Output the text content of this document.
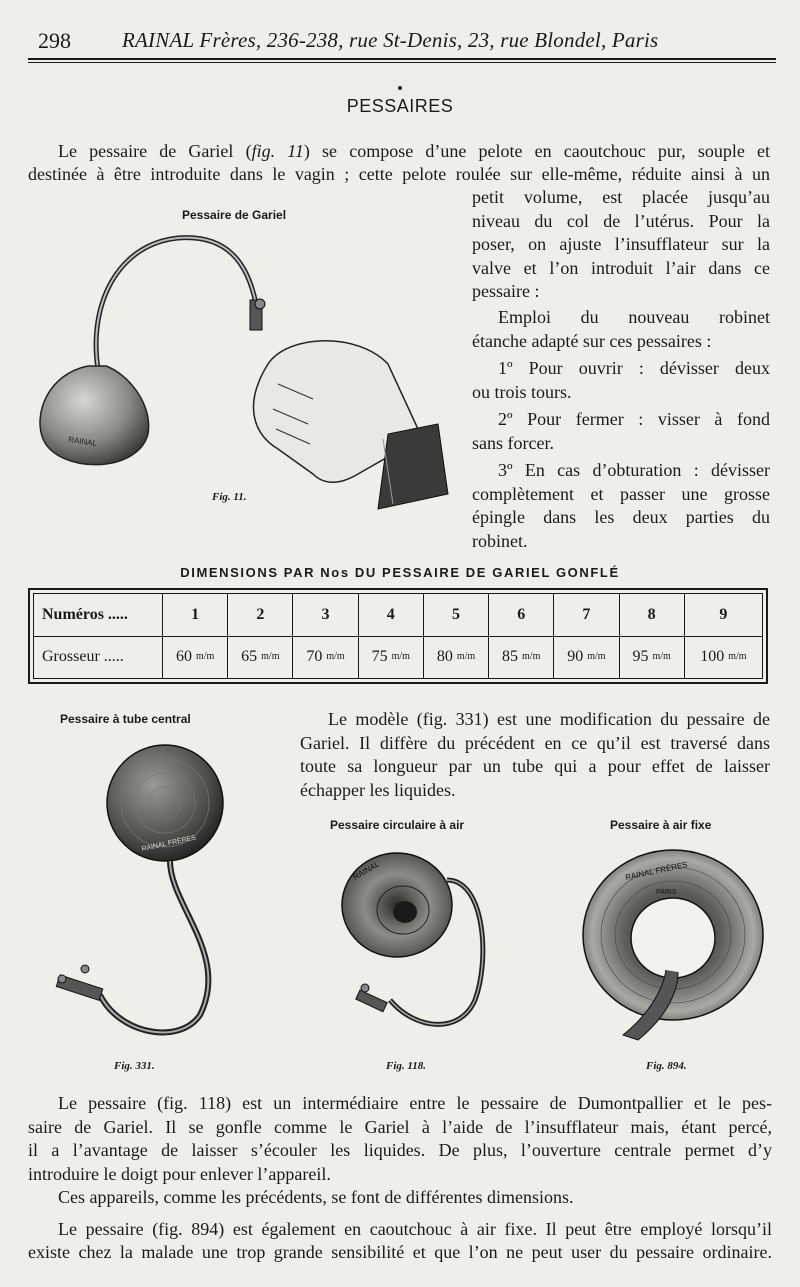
298 RAINAL Frères, 236-238, rue St-Denis, 23, rue Blondel, Paris
PESSAIRES
Le pessaire de Gariel (fig. 11) se compose d’une pelote en caoutchouc pur, souple et
destinée à être introduite dans le vagin ; cette pelote roulée sur elle-même, réduite ainsi à un
petit volume, est placée jusqu’au
niveau du col de l’utérus. Pour la
poser, on ajuste l’insufflateur sur la
valve et l’on introduit l’air dans ce
pessaire :
Emploi du nouveau robinet
étanche adapté sur ces pessaires :
1º Pour ouvrir : dévisser deux
ou trois tours.
2º Pour fermer : visser à fond
sans forcer.
3º En cas d’obturation : dévisser
complètement et passer une grosse
épingle dans les deux parties du
robinet.
Pessaire de Gariel
RAINAL
Fig. 11.
DIMENSIONS PAR Nos DU PESSAIRE DE GARIEL GONFLÉ
Numéros .....	1	2	3	4	5	6	7	8	9
Grosseur .....	60 m/m	65 m/m	70 m/m	75 m/m	80 m/m	85 m/m	90 m/m	95 m/m	100 m/m
Le modèle (fig. 331) est une modification du pessaire de
Gariel. Il diffère du précédent en ce qu’il est traversé dans
toute sa longueur par un tube qui a pour effet de laisser
échapper les liquides.
Pessaire à tube central
RAINAL FRÈRES
Fig. 331.
Pessaire circulaire à air
RAINAL
Fig. 118.
Pessaire à air fixe
RAINAL FRÈRES
PARIS
Fig. 894.
Le pessaire (fig. 118) est un intermédiaire entre le pessaire de Dumontpallier et le pes-
saire de Gariel. Il se gonfle comme le Gariel à l’aide de l’insufflateur mais, étant percé,
il a l’avantage de laisser s’écouler les liquides. De plus, l’ouverture centrale permet d’y
introduire le doigt pour enlever l’appareil.
Ces appareils, comme les précédents, se font de différentes dimensions.
Le pessaire (fig. 894) est également en caoutchouc à air fixe. Il peut être employé lorsqu’il
existe chez la malade une trop grande sensibilité et que l’on ne peut user du pessaire ordinaire.
